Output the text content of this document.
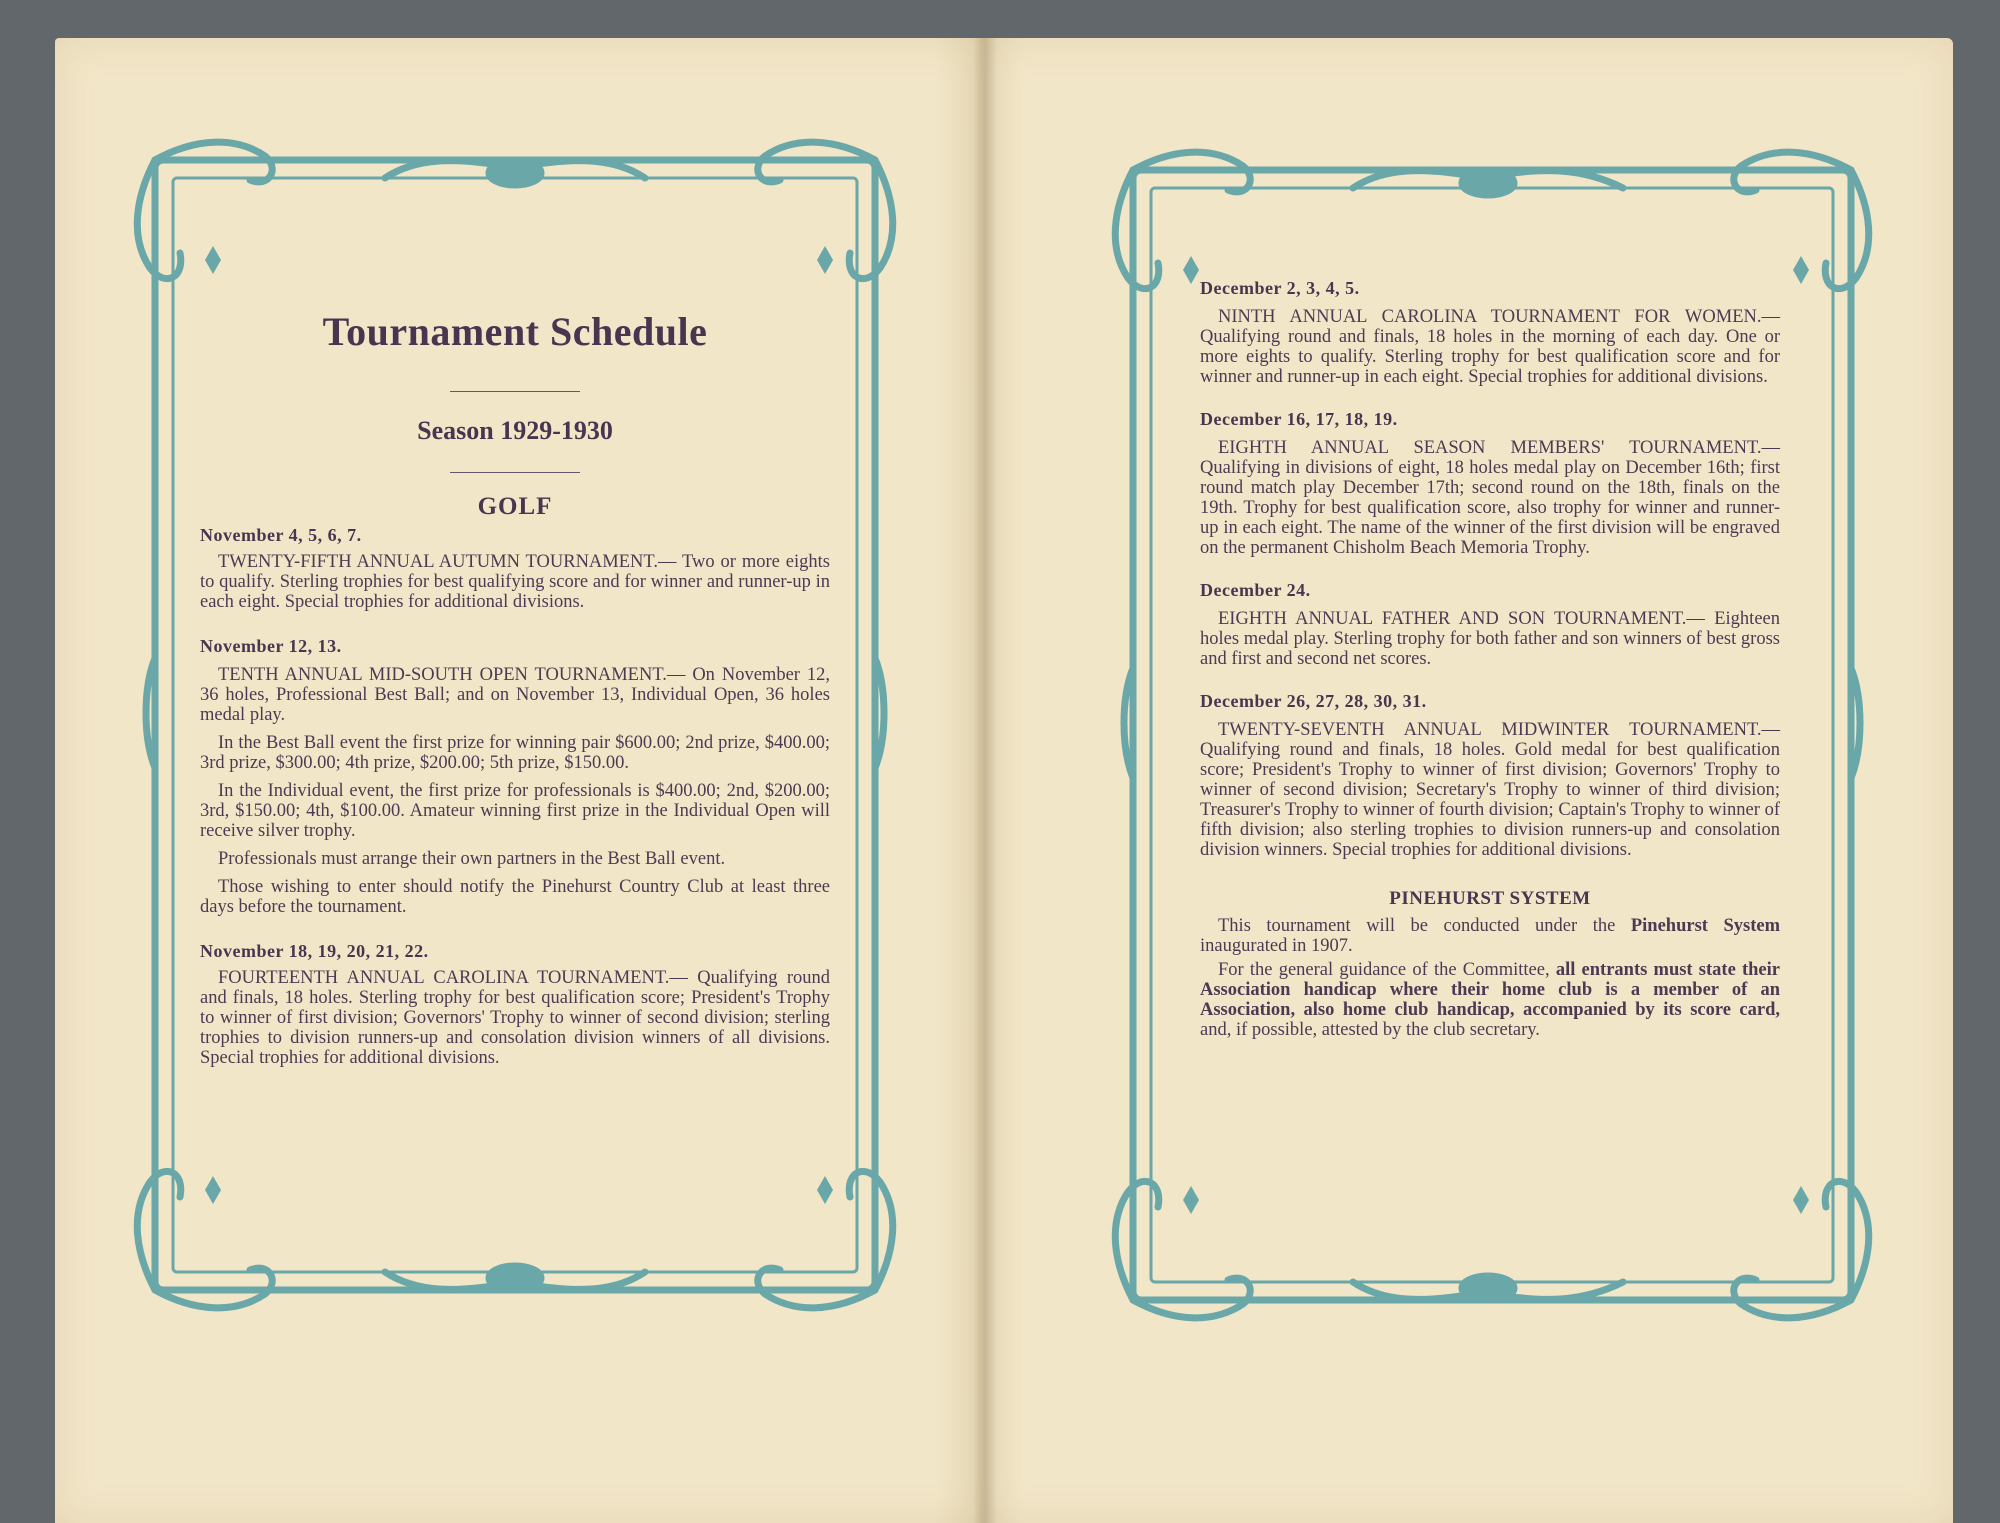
Tournament Schedule
Season 1929-1930
GOLF

November 4, 5, 6, 7.

TWENTY-FIFTH ANNUAL AUTUMN TOURNAMENT.— Two or more eights to qualify. Sterling trophies for best qualifying score and for winner and runner-up in each eight. Special trophies for additional divisions.

November 12, 13.

TENTH ANNUAL MID-SOUTH OPEN TOURNAMENT.— On November 12, 36 holes, Professional Best Ball; and on November 13, Individual Open, 36 holes medal play.

In the Best Ball event the first prize for winning pair $600.00; 2nd prize, $400.00; 3rd prize, $300.00; 4th prize, $200.00; 5th prize, $150.00.

In the Individual event, the first prize for professionals is $400.00; 2nd, $200.00; 3rd, $150.00; 4th, $100.00. Amateur winning first prize in the Individual Open will receive silver trophy.

Professionals must arrange their own partners in the Best Ball event.

Those wishing to enter should notify the Pinehurst Country Club at least three days before the tournament.

November 18, 19, 20, 21, 22.

FOURTEENTH ANNUAL CAROLINA TOURNAMENT.— Qualifying round and finals, 18 holes. Sterling trophy for best qualification score; President's Trophy to winner of first division; Governors' Trophy to winner of second division; sterling trophies to division runners-up and consolation division winners of all divisions. Special trophies for additional divisions.

December 2, 3, 4, 5.

NINTH ANNUAL CAROLINA TOURNAMENT FOR WOMEN.— Qualifying round and finals, 18 holes in the morning of each day. One or more eights to qualify. Sterling trophy for best qualification score and for winner and runner-up in each eight. Special trophies for additional divisions.

December 16, 17, 18, 19.

EIGHTH ANNUAL SEASON MEMBERS' TOURNAMENT.— Qualifying in divisions of eight, 18 holes medal play on December 16th; first round match play December 17th; second round on the 18th, finals on the 19th. Trophy for best qualification score, also trophy for winner and runner-up in each eight. The name of the winner of the first division will be engraved on the permanent Chisholm Beach Memoria Trophy.

December 24.

EIGHTH ANNUAL FATHER AND SON TOURNAMENT.— Eighteen holes medal play. Sterling trophy for both father and son winners of best gross and first and second net scores.

December 26, 27, 28, 30, 31.

TWENTY-SEVENTH ANNUAL MIDWINTER TOURNAMENT.— Qualifying round and finals, 18 holes. Gold medal for best qualification score; President's Trophy to winner of first division; Governors' Trophy to winner of second division; Secretary's Trophy to winner of third division; Treasurer's Trophy to winner of fourth division; Captain's Trophy to winner of fifth division; also sterling trophies to division runners-up and consolation division winners. Special trophies for additional divisions.

PINEHURST SYSTEM

This tournament will be conducted under the Pinehurst System inaugurated in 1907.

For the general guidance of the Committee, all entrants must state their Association handicap where their home club is a member of an Association, also home club handicap, accompanied by its score card, and, if possible, attested by the club secretary.
